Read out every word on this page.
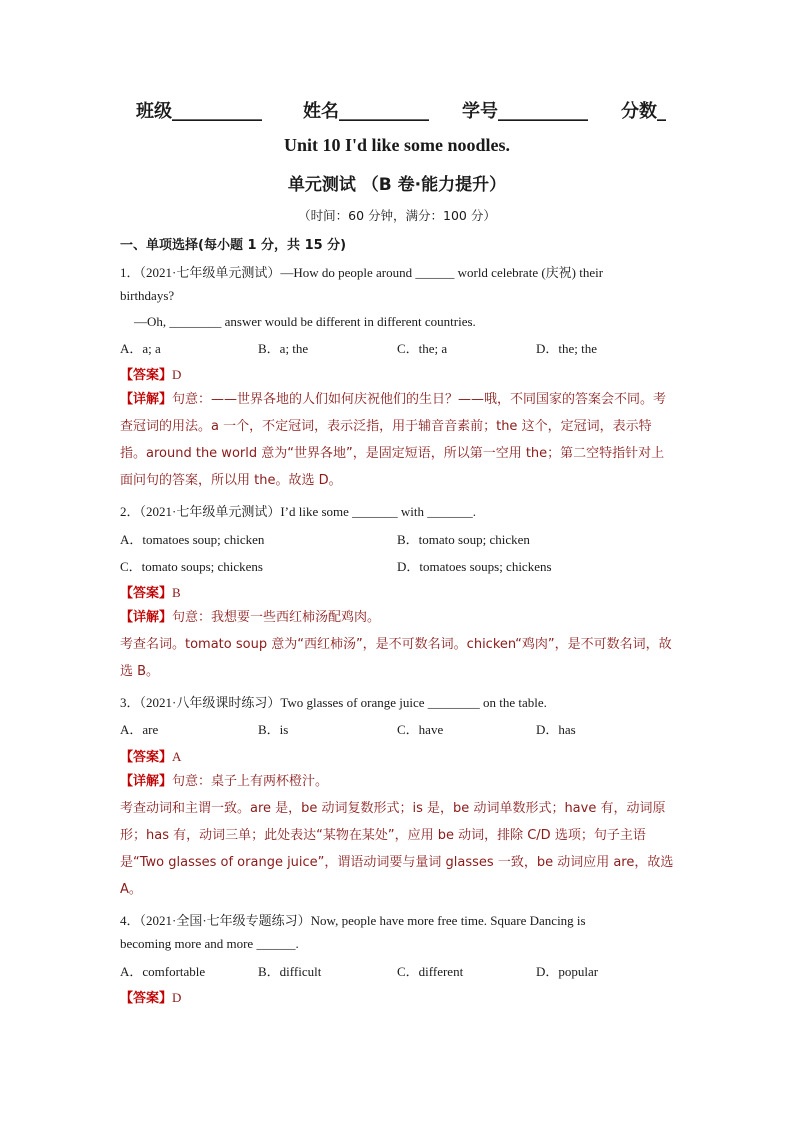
班级__________ 姓名__________ 学号__________ 分数_
Unit 10 I'd like some noodles.
单元测试 （B 卷·能力提升）
（时间：60 分钟，满分：100 分）
一、单项选择(每小题 1 分，共 15 分)
1．（2021·七年级单元测试）—How do people around ______ world celebrate (庆祝) their
birthdays?
—Oh, ________ answer would be different in different countries.
A．a; a	B．a; the	C．the; a	D．the; the
【答案】D
【详解】句意：——世界各地的人们如何庆祝他们的生日？——哦，不同国家的答案会不同。考查冠词的用法。a 一个，不定冠词，表示泛指，用于辅音音素前；the 这个，定冠词，表示特指。around the world 意为“世界各地”，是固定短语，所以第一空用 the；第二空特指针对上面问句的答案，所以用 the。故选 D。
2．（2021·七年级单元测试）I’d like some _______ with _______.
A．tomatoes soup; chicken	B．tomato soup; chicken
C．tomato soups; chickens	D．tomatoes soups; chickens
【答案】B
【详解】句意：我想要一些西红柿汤配鸡肉。
考查名词。tomato soup 意为“西红柿汤”，是不可数名词。chicken“鸡肉”，是不可数名词，故选 B。
3．（2021·八年级课时练习）Two glasses of orange juice ________ on the table.
A．are	B．is	C．have	D．has
【答案】A
【详解】句意：桌子上有两杯橙汁。
考查动词和主谓一致。are 是，be 动词复数形式；is 是，be 动词单数形式；have 有，动词原形；has 有，动词三单；此处表达“某物在某处”，应用 be 动词，排除 C/D 选项；句子主语是“Two glasses of orange juice”，谓语动词要与量词 glasses 一致，be 动词应用 are，故选 A。
4．（2021·全国·七年级专题练习）Now, people have more free time. Square Dancing is
becoming more and more ______.
A．comfortable	B．difficult	C．different	D．popular
【答案】D
